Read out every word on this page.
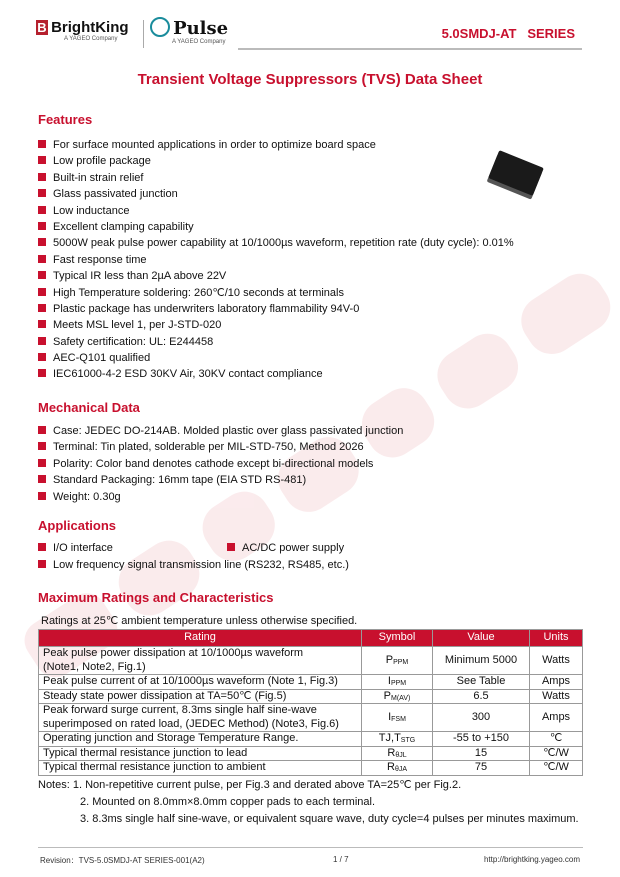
B BrightKing
A YAGEO Company	Pulse
A YAGEO Company
5.0SMDJ-AT   SERIES
Transient Voltage Suppressors (TVS) Data Sheet
Features
For surface mounted applications in order to optimize board space
Low profile package
Built-in strain relief
Glass passivated junction
Low inductance
Excellent clamping capability
5000W peak pulse power capability at 10/1000µs waveform, repetition rate (duty cycle): 0.01%
Fast response time
Typical IR less than 2µA above 22V
High Temperature soldering: 260℃/10 seconds at terminals
Plastic package has underwriters laboratory flammability 94V-0
Meets MSL level 1, per J-STD-020
Safety certification: UL: E244458
AEC-Q101 qualified
IEC61000-4-2 ESD 30KV Air, 30KV contact compliance
Mechanical Data
Case: JEDEC DO-214AB. Molded plastic over glass passivated junction
Terminal: Tin plated, solderable per MIL-STD-750, Method 2026
Polarity: Color band denotes cathode except bi-directional models
Standard Packaging: 16mm tape (EIA STD RS-481)
Weight: 0.30g
Applications
I/O interface	AC/DC power supply
Low frequency signal transmission line (RS232, RS485, etc.)
Maximum Ratings and Characteristics
Ratings at 25℃ ambient temperature unless otherwise specified.
Rating	Symbol	Value	Units

Peak pulse power dissipation at 10/1000µs waveform
(Note1, Note2, Fig.1)	$P_{PPM}$	Minimum 5000	Watts

Peak pulse current of at 10/1000µs waveform (Note 1, Fig.3)	$I_{PPM}$	See Table	Amps

Steady state power dissipation at TA=50℃ (Fig.5)	$P_{M(AV)}$	6.5	Watts

Peak forward surge current, 8.3ms single half sine-wave
superimposed on rated load, (JEDEC Method) (Note3, Fig.6)	$I_{FSM}$	300	Amps

Operating junction and Storage Temperature Range.	$TJ,T_{STG}$	-55 to +150	℃

Typical thermal resistance junction to lead	$R_{\theta JL}$	15	℃/W

Typical thermal resistance junction to ambient	$R_{\theta JA}$	75	℃/W
Notes: 1. Non-repetitive current pulse, per Fig.3 and derated above TA=25℃ per Fig.2.
2. Mounted on 8.0mm×8.0mm copper pads to each terminal.
3. 8.3ms single half sine-wave, or equivalent square wave, duty cycle=4 pulses per minutes maximum.
Revision：TVS-5.0SMDJ-AT SERIES-001(A2)	1 / 7	http://brightking.yageo.com
